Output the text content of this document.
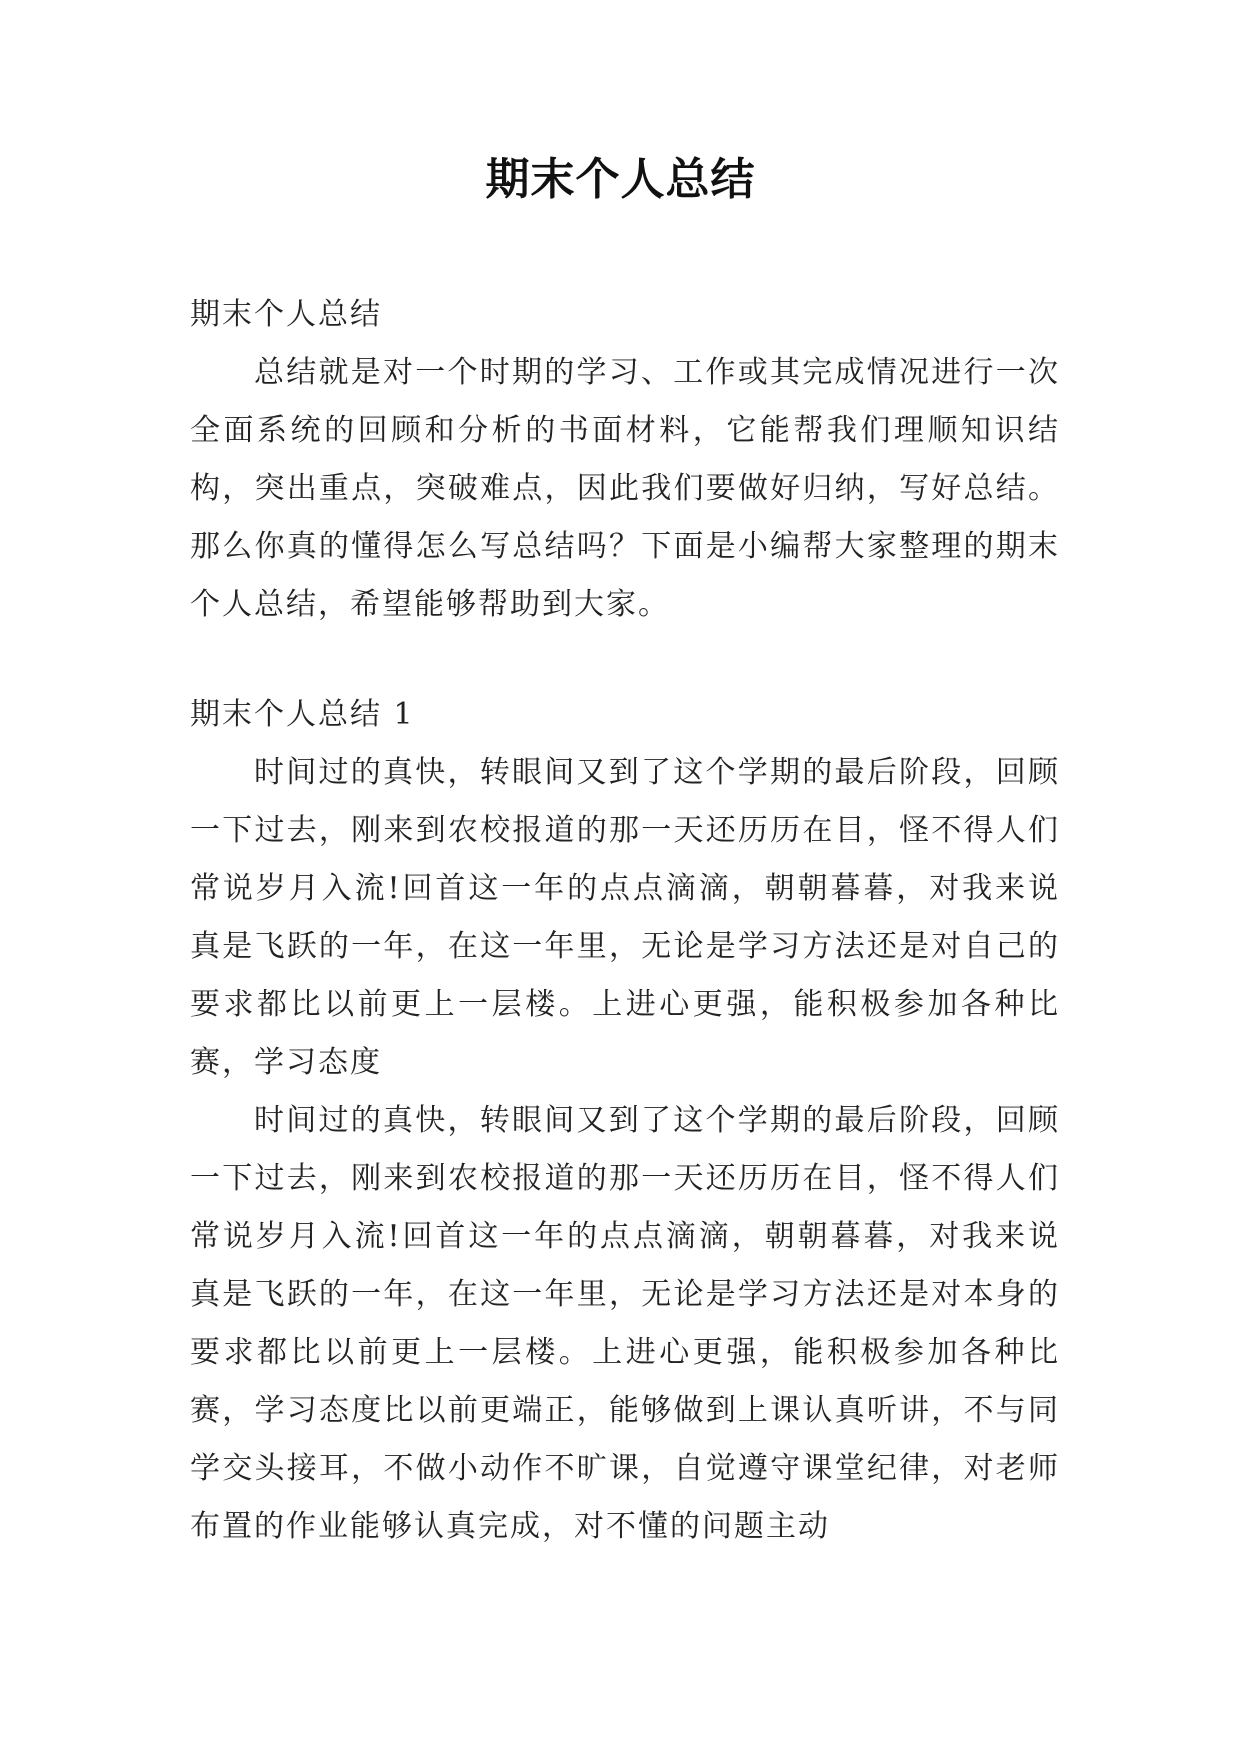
期末个人总结

期末个人总结

总结就是对一个时期的学习、工作或其完成情况进行一次全面系统的回顾和分析的书面材料，它能帮我们理顺知识结构，突出重点，突破难点，因此我们要做好归纳，写好总结。那么你真的懂得怎么写总结吗？下面是小编帮大家整理的期末个人总结，希望能够帮助到大家。

期末个人总结 1

时间过的真快，转眼间又到了这个学期的最后阶段，回顾一下过去，刚来到农校报道的那一天还历历在目，怪不得人们常说岁月入流!回首这一年的点点滴滴，朝朝暮暮，对我来说真是飞跃的一年，在这一年里，无论是学习方法还是对自己的要求都比以前更上一层楼。上进心更强，能积极参加各种比赛，学习态度

时间过的真快，转眼间又到了这个学期的最后阶段，回顾一下过去，刚来到农校报道的那一天还历历在目，怪不得人们常说岁月入流!回首这一年的点点滴滴，朝朝暮暮，对我来说真是飞跃的一年，在这一年里，无论是学习方法还是对本身的要求都比以前更上一层楼。上进心更强，能积极参加各种比赛，学习态度比以前更端正，能够做到上课认真听讲，不与同学交头接耳，不做小动作不旷课，自觉遵守课堂纪律，对老师布置的作业能够认真完成，对不懂的问题主动
